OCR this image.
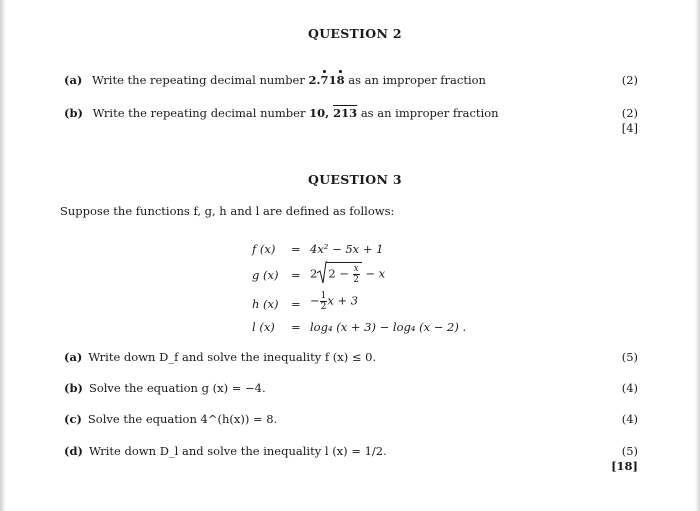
QUESTION 2
(a) Write the repeating decimal number 2.718 as an improper fraction	(2)
(b) Write the repeating decimal number 10, 213 as an improper fraction	(2)
[4]
QUESTION 3
Suppose the functions f, g, h and l are defined as follows:
f (x) = 4x² − 5x + 1
g (x) = 2 $2 - \frac{x}{2} - x$
h (x) = − $\frac{1}{2}$ x + 3
l (x) = log₄ (x + 3) − log₄ (x − 2) .
(a) Write down D_f and solve the inequality f (x) ≤ 0.	(5)
(b) Solve the equation g (x) = −4.	(4)
(c) Solve the equation 4^(h(x)) = 8.	(4)
(d) Write down D_l and solve the inequality l (x) = 1/2.	(5)
[18]
